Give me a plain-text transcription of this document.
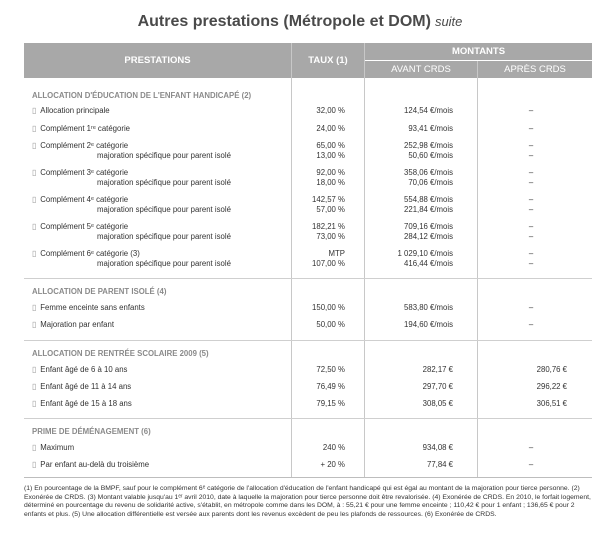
Autres prestations (Métropole et DOM) suite
PRESTATIONS	TAUX (1)
MONTANTS
AVANT CRDS	APRÈS CRDS
ALLOCATION D'ÉDUCATION DE L'ENFANT HANDICAPÉ (2)
▯ Allocation principale	32,00 %	124,54 €/mois	–
▯ Complément 1ʳᵉ catégorie	24,00 %	93,41 €/mois	–
▯ Complément 2ᵉ catégorie	65,00 %	252,98 €/mois	–
majoration spécifique pour parent isolé	13,00 %	50,60 €/mois	–
▯ Complément 3ᵉ catégorie	92,00 %	358,06 €/mois	–
majoration spécifique pour parent isolé	18,00 %	70,06 €/mois	–
▯ Complément 4ᵉ catégorie	142,57 %	554,88 €/mois	–
majoration spécifique pour parent isolé	57,00 %	221,84 €/mois	–
▯ Complément 5ᵉ catégorie	182,21 %	709,16 €/mois	–
majoration spécifique pour parent isolé	73,00 %	284,12 €/mois	–
▯ Complément 6ᵉ catégorie (3)	MTP	1 029,10 €/mois	–
majoration spécifique pour parent isolé	107,00 %	416,44 €/mois	–
ALLOCATION DE PARENT ISOLÉ (4)
▯ Femme enceinte sans enfants	150,00 %	583,80 €/mois	–
▯ Majoration par enfant	50,00 %	194,60 €/mois	–
ALLOCATION DE RENTRÉE SCOLAIRE 2009 (5)
▯ Enfant âgé de 6 à 10 ans	72,50 %	282,17 €	280,76 €
▯ Enfant âgé de 11 à 14 ans	76,49 %	297,70 €	296,22 €
▯ Enfant âgé de 15 à 18 ans	79,15 %	308,05 €	306,51 €
PRIME DE DÉMÉNAGEMENT (6)
▯ Maximum	240 %	934,08 €	–
▯ Par enfant au-delà du troisième	+ 20 %	77,84 €	–

(1) En pourcentage de la BMPF, sauf pour le complément 6ᵉ catégorie de l'allocation d'éducation de l'enfant handicapé qui est égal au montant de la majoration pour tierce personne. (2) Exonérée de CRDS. (3) Montant valable jusqu'au 1ᵉʳ avril 2010, date à laquelle la majoration pour tierce personne doit être revalorisée. (4) Exonérée de CRDS. En 2010, le forfait logement, déterminé en pourcentage du revenu de solidarité active, s'établit, en métropole comme dans les DOM, à : 55,21 € pour une femme enceinte ; 110,42 € pour 1 enfant ; 136,65 € pour 2 enfants et plus. (5) Une allocation différentielle est versée aux parents dont les revenus excèdent de peu les plafonds de ressources. (6) Exonérée de CRDS.
